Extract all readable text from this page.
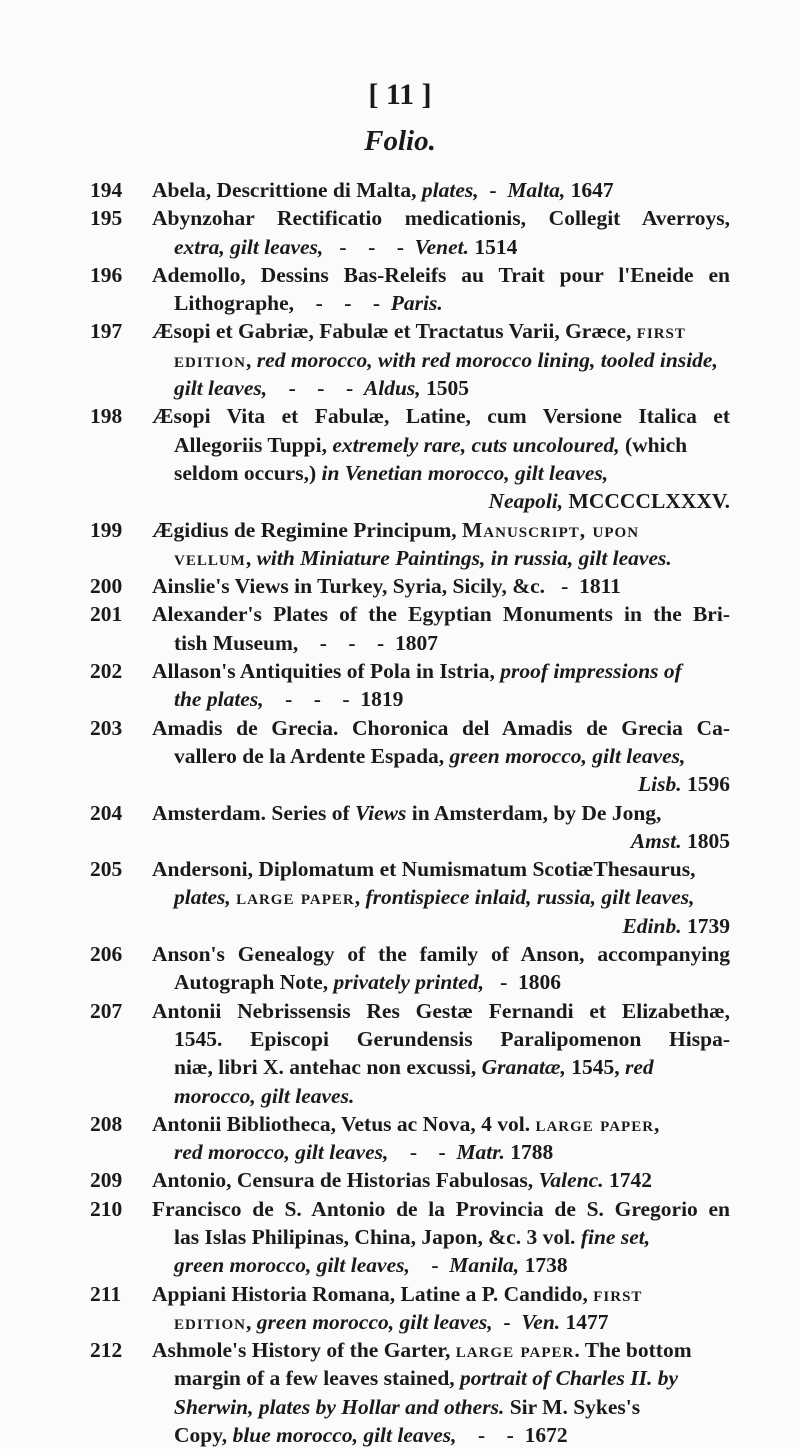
[ 11 ]
Folio.
194 Abela, Descrittione di Malta, plates,  -  Malta, 1647
195 Abynzohar Rectificatio medicationis, Collegit Averroys,
extra, gilt leaves,   -    -    -  Venet. 1514
196 Ademollo, Dessins Bas-Releifs au Trait pour l'Eneide en
Lithographe,    -    -    -  Paris.
197 Æsopi et Gabriæ, Fabulæ et Tractatus Varii, Græce, first
edition, red morocco, with red morocco lining, tooled inside,
gilt leaves,    -    -    -  Aldus, 1505
198 Æsopi Vita et Fabulæ, Latine, cum Versione Italica et
Allegoriis Tuppi, extremely rare, cuts uncoloured, (which
seldom occurs,) in Venetian morocco, gilt leaves,
Neapoli, MCCCCLXXXV.
199 Ægidius de Regimine Principum, Manuscript, upon
vellum, with Miniature Paintings, in russia, gilt leaves.
200 Ainslie's Views in Turkey, Syria, Sicily, &c.   -  1811
201 Alexander's Plates of the Egyptian Monuments in the Bri-
tish Museum,    -    -    -  1807
202 Allason's Antiquities of Pola in Istria, proof impressions of
the plates,    -    -    -  1819
203 Amadis de Grecia. Choronica del Amadis de Grecia Ca-
vallero de la Ardente Espada, green morocco, gilt leaves,
Lisb. 1596
204 Amsterdam. Series of Views in Amsterdam, by De Jong,
Amst. 1805
205 Andersoni, Diplomatum et Numismatum ScotiæThesaurus,
plates, large paper, frontispiece inlaid, russia, gilt leaves,
Edinb. 1739
206 Anson's Genealogy of the family of Anson, accompanying
Autograph Note, privately printed,   -  1806
207 Antonii Nebrissensis Res Gestæ Fernandi et Elizabethæ,
1545. Episcopi Gerundensis Paralipomenon Hispa-
niæ, libri X. antehac non excussi, Granatæ, 1545, red
morocco, gilt leaves.
208 Antonii Bibliotheca, Vetus ac Nova, 4 vol. large paper,
red morocco, gilt leaves,    -    -  Matr. 1788
209 Antonio, Censura de Historias Fabulosas, Valenc. 1742
210 Francisco de S. Antonio de la Provincia de S. Gregorio en
las Islas Philipinas, China, Japon, &c. 3 vol. fine set,
green morocco, gilt leaves,    -  Manila, 1738
211 Appiani Historia Romana, Latine a P. Candido, first
edition, green morocco, gilt leaves,  -  Ven. 1477
212 Ashmole's History of the Garter, large paper. The bottom
margin of a few leaves stained, portrait of Charles II. by
Sherwin, plates by Hollar and others. Sir M. Sykes's
Copy, blue morocco, gilt leaves,    -    -  1672
